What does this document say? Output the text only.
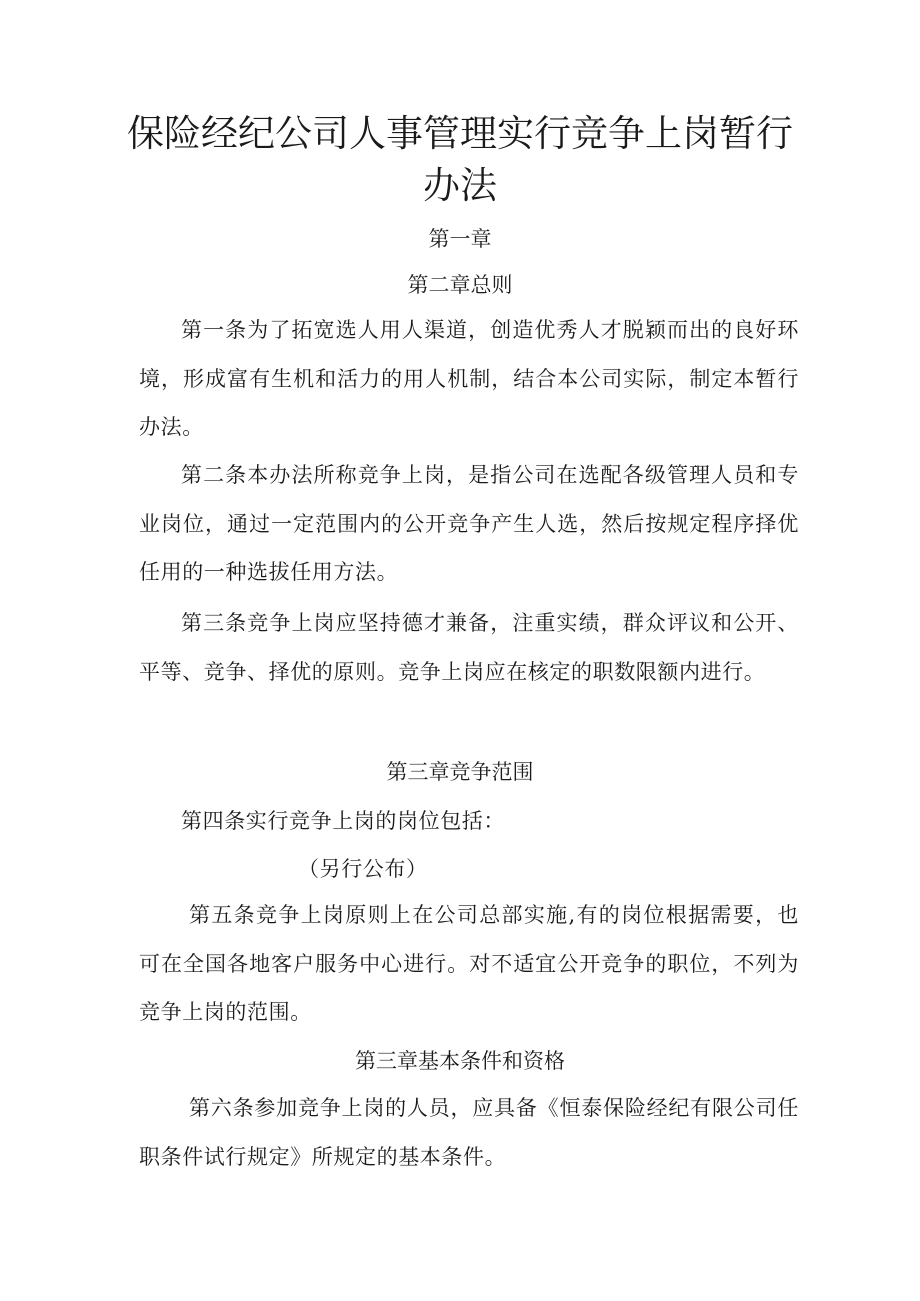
保险经纪公司人事管理实行竞争上岗暂行
办法
第一章
第二章总则

第一条为了拓宽选人用人渠道，创造优秀人才脱颖而出的良好环境，形成富有生机和活力的用人机制，结合本公司实际，制定本暂行办法。

第二条本办法所称竞争上岗，是指公司在选配各级管理人员和专业岗位，通过一定范围内的公开竞争产生人选，然后按规定程序择优任用的一种选拔任用方法。

第三条竞争上岗应坚持德才兼备，注重实绩，群众评议和公开、平等、竞争、择优的原则。竞争上岗应在核定的职数限额内进行。

第三章竞争范围
第四条实行竞争上岗的岗位包括：
（另行公布）

第五条竞争上岗原则上在公司总部实施,有的岗位根据需要，也可在全国各地客户服务中心进行。对不适宜公开竞争的职位，不列为竞争上岗的范围。

第三章基本条件和资格

第六条参加竞争上岗的人员，应具备《恒泰保险经纪有限公司任职条件试行规定》所规定的基本条件。
